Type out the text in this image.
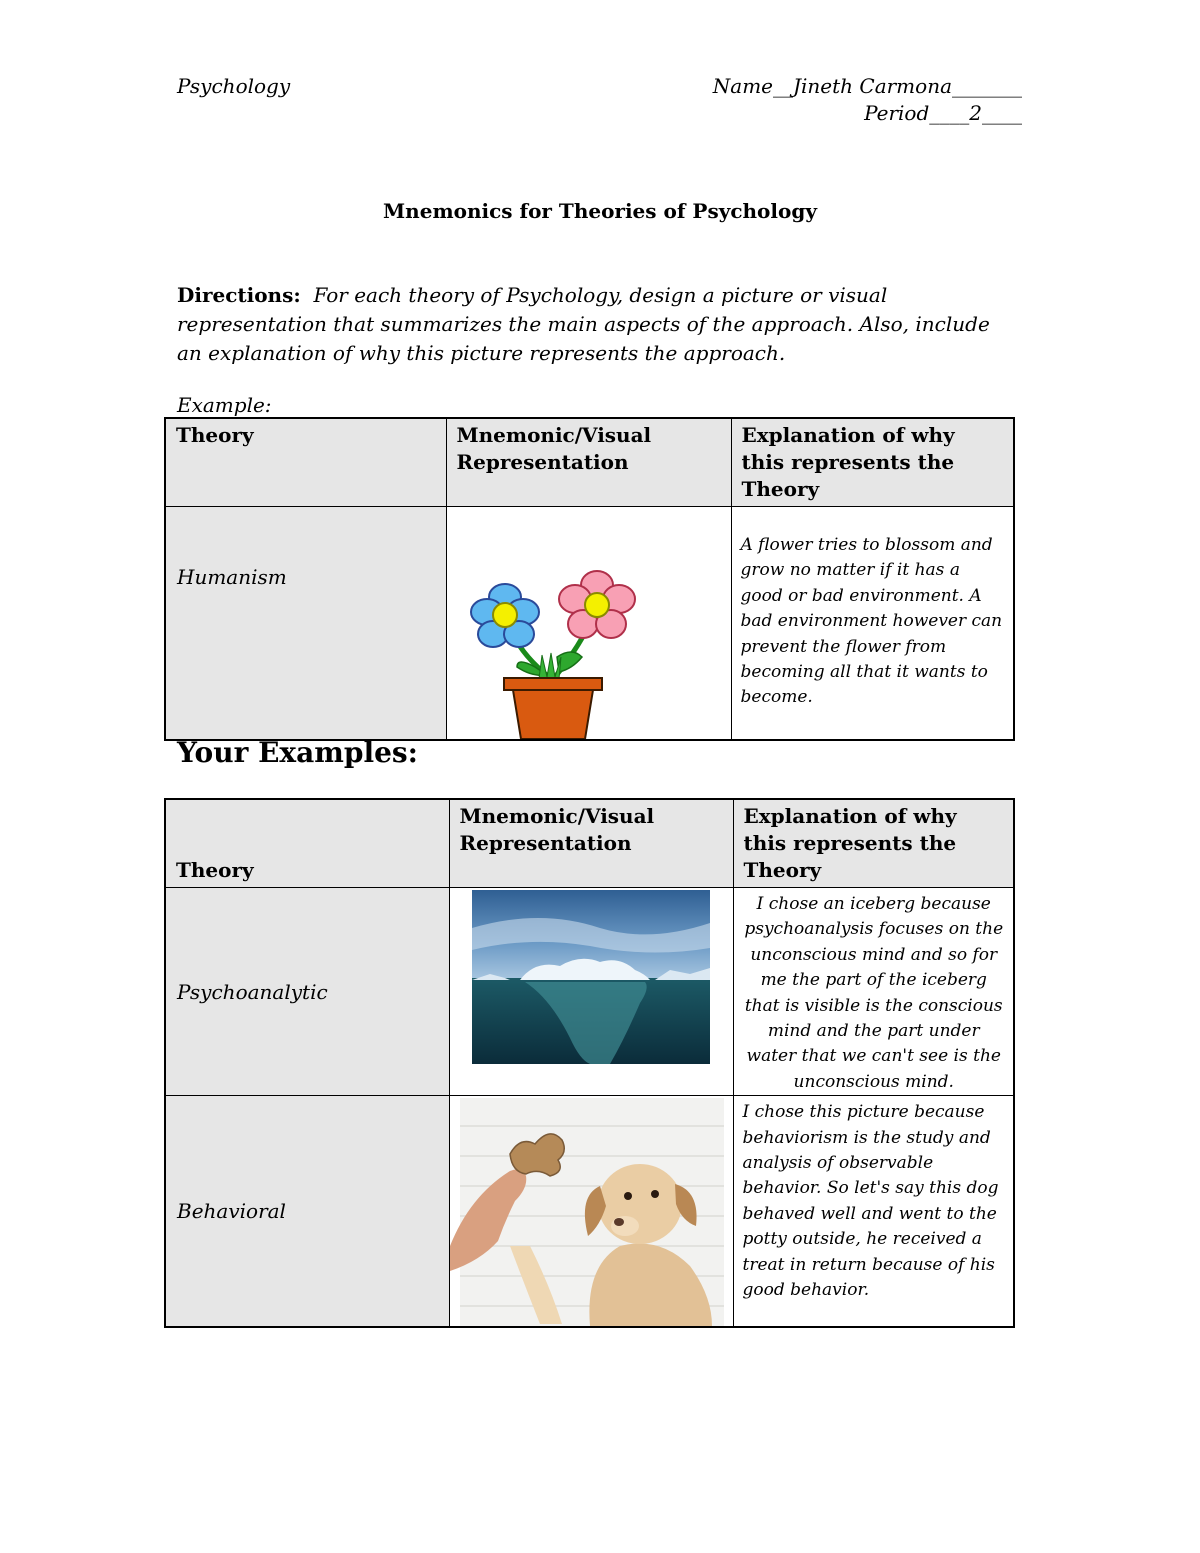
Psychology	Name__Jineth Carmona_______
Period____2____
Mnemonics for Theories of Psychology
Directions: For each theory of Psychology, design a picture or visual representation that summarizes the main aspects of the approach. Also, include an explanation of why this picture represents the approach.
Example:
Theory	Mnemonic/Visual Representation	Explanation of why this represents the Theory
Humanism		A flower tries to blossom and grow no matter if it has a good or bad environment. A bad environment however can prevent the flower from becoming all that it wants to become.
Your Examples:
Theory	Mnemonic/Visual Representation	Explanation of why this represents the Theory
Psychoanalytic		I chose an iceberg because psychoanalysis focuses on the unconscious mind and so for me the part of the iceberg that is visible is the conscious mind and the part under water that we can't see is the unconscious mind.
Behavioral		I chose this picture because behaviorism is the study and analysis of observable behavior. So let's say this dog behaved well and went to the potty outside, he received a treat in return because of his good behavior.
